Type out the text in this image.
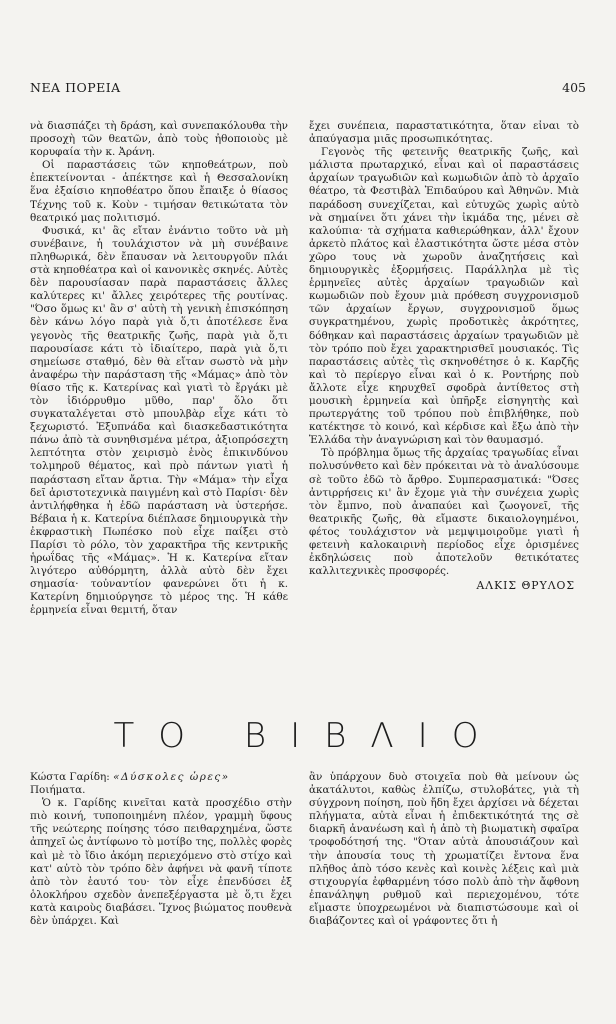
ΝΕΑ ΠΟΡΕΙΑ	405

νὰ διασπάζει τὴ δράση, καὶ συνεπακόλουθα τὴν προσοχὴ τῶν θεατῶν, ἀπὸ τοὺς ἠθοποιοὺς μὲ κορυφαία τὴν κ. Ἀράνη.

Οἱ παραστάσεις τῶν κηποθεάτρων, ποὺ ἐπεκτείνονται - ἀπέκτησε καὶ ἡ Θεσσαλονίκη ἕνα ἐξαίσιο κηποθέατρο ὅπου ἔπαιξε ὁ θίασος Τέχνης τοῦ κ. Κοὺν - τιμήσαν θετικώτατα τὸν θεατρικό μας πολιτισμό.

Φυσικά, κι' ἂς εἴταν ἐνάντιο τοῦτο νὰ μὴ συνέβαινε, ἡ τουλάχιστον νὰ μὴ συνέβαινε πληθωρικά, δὲν ἔπαυσαν νὰ λειτουργοῦν πλάι στὰ κηποθέατρα καὶ οἱ κανονικὲς σκηνές. Αὐτὲς δὲν παρουσίασαν παρὰ παραστάσεις ἄλλες καλύτερες κι' ἄλλες χειρότερες τῆς ρουτίνας. "Όσο ὅμως κι' ἂν σ' αὐτὴ τὴ γενικὴ ἐπισκόπηση δὲν κάνω λόγο παρὰ γιὰ ὅ,τι ἀποτέλεσε ἕνα γεγονὸς τῆς θεατρικῆς ζωῆς, παρὰ γιὰ ὅ,τι παρουσίασε κάτι τὸ ἰδιαίτερο, παρὰ γιὰ ὅ,τι σημείωσε σταθμό, δὲν θὰ εἴταν σωστὸ νὰ μὴν ἀναφέρω τὴν παράσταση τῆς «Μάμας» ἀπὸ τὸν θίασο τῆς κ. Κατερίνας καὶ γιατὶ τὸ ἔργάκι μὲ τὸν ἰδιόρρυθμο μῦθο, παρ' ὅλο ὅτι συγκαταλέγεται στὸ μπουλβὰρ εἶχε κάτι τὸ ξεχωριστό. Ἐξυπνάδα καὶ διασκεδαστικότητα πάνω ἀπὸ τὰ συνηθισμένα μέτρα, ἀξιοπρόσεχτη λεπτότητα στὸν χειρισμὸ ἑνὸς ἐπικινδύνου τολμηροῦ θέματος, καὶ πρὸ πάντων γιατὶ ἡ παράσταση εἴταν ἄρτια. Τὴν «Μάμα» τὴν εἶχα δεῖ ἀριστοτεχνικὰ παιγμένη καὶ στὸ Παρίσι· δὲν ἀντιλήφθηκα ἡ ἐδῶ παράσταση νὰ ὑστερήσε. Βέβαια ἡ κ. Κατερίνα διέπλασε δημιουργικὰ τὴν ἐκφραστικὴ Πωπέσκο ποὺ εἶχε παίξει στὸ Παρίσι τὸ ρόλο, τὸν χαρακτῆρα τῆς κεντρικῆς ἡρωΐδας τῆς «Μάμας». Ἡ κ. Κατερίνα εἴταν λιγότερο αὐθόρμητη, ἀλλὰ αὐτὸ δὲν ἔχει σημασία· τοὐναντίον φανερώνει ὅτι ἡ κ. Κατερίνη δημιούργησε τὸ μέρος της. Ἡ κάθε ἑρμηνεία εἶναι θεμιτή, ὅταν

ἔχει συνέπεια, παραστατικότητα, ὅταν εἶναι τὸ ἀπαύγασμα μιᾶς προσωπικότητας.

Γεγονὸς τῆς φετεινῆς θεατρικῆς ζωῆς, καὶ μάλιστα πρωταρχικό, εἶναι καὶ οἱ παραστάσεις ἀρχαίων τραγωδιῶν καὶ κωμωδιῶν ἀπὸ τὸ ἀρχαῖο θέατρο, τὰ Φεστιβὰλ Ἐπιδαύρου καὶ Ἀθηνῶν. Μιὰ παράδοση συνεχίζεται, καὶ εὐτυχῶς χωρὶς αὐτὸ νὰ σημαίνει ὅτι χάνει τὴν ἰκμάδα της, μένει σὲ καλούπια· τὰ σχήματα καθιερώθηκαν, ἀλλ' ἔχουν ἀρκετὸ πλάτος καὶ ἐλαστικότητα ὥστε μέσα στὸν χῶρο τους νὰ χωροῦν ἀναζητήσεις καὶ δημιουργικὲς ἐξορμήσεις. Παράλληλα μὲ τὶς ἑρμηνεῖες αὐτὲς ἀρχαίων τραγωδιῶν καὶ κωμωδιῶν ποὺ ἔχουν μιὰ πρόθεση συγχρονισμοῦ τῶν ἀρχαίων ἔργων, συγχρονισμοῦ ὅμως συγκρατημένου, χωρὶς προδοτικὲς ἀκρότητες, δόθηκαν καὶ παραστάσεις ἀρχαίων τραγωδιῶν μὲ τὸν τρόπο ποὺ ἔχει χαρακτηρισθεῖ μουσιακός. Τὶς παραστάσεις αὐτὲς τὶς σκηνοθέτησε ὁ κ. Καρζῆς καὶ τὸ περίεργο εἶναι καὶ ὁ κ. Ροντήρης ποὺ ἄλλοτε εἶχε κηρυχθεῖ σφοδρὰ ἀντίθετος στὴ μουσικὴ ἑρμηνεία καὶ ὑπῆρξε εἰσηγητὴς καὶ πρωτεργάτης τοῦ τρόπου ποὺ ἐπιβλήθηκε, ποὺ κατέκτησε τὸ κοινό, καὶ κέρδισε καὶ ἔξω ἀπὸ τὴν Ἑλλάδα τὴν ἀναγνώριση καὶ τὸν θαυμασμό.

Τὸ πρόβλημα ὅμως τῆς ἀρχαίας τραγωδίας εἶναι πολυσύνθετο καὶ δὲν πρόκειται νὰ τὸ ἀναλύσουμε σὲ τοῦτο ἐδῶ τὸ ἄρθρο. Συμπερασματικά: "Όσες ἀντιρρήσεις κι' ἂν ἔχομε γιὰ τὴν συνέχεια χωρὶς τὸν ἔμπνο, ποὺ ἀναπαύει καὶ ζωογονεῖ, τῆς θεατρικῆς ζωῆς, θὰ εἴμαστε δικαιολογημένοι, φέτος τουλάχιστον νὰ μεμψιμοιροῦμε γιατὶ ἡ φετεινὴ καλοκαιρινὴ περίοδος εἶχε ὁρισμένες ἐκδηλώσεις ποὺ ἀποτελοῦν θετικότατες καλλιτεχνικὲς προσφορές.

ΑΛΚΙΣ ΘΡΥΛΟΣ
ΤΟ ΒΙΒΛΙΟ

Κώστα Γαρίδη: «Δύσκολες ὧρες»
Ποιήματα.

Ὁ κ. Γαρίδης κινεῖται κατὰ προσχέδιο στὴν πιὸ κοινή, τυποποιημένη πλέον, γραμμὴ ὕφους τῆς νεώτερης ποίησης τόσο πειθαρχημένα, ὥστε ἀπηχεῖ ὡς ἀντίφωνο τὸ μοτίβο της, πολλὲς φορὲς καὶ μὲ τὸ ἴδιο ἀκόμη περιεχόμενο στὸ στίχο καὶ κατ' αὐτὸ τὸν τρόπο δὲν ἀφήνει νὰ φανῆ τίποτε ἀπὸ τὸν ἑαυτό του· τὸν εἶχε ἐπενδύσει ἐξ ὁλοκλήρου σχεδὸν ἀνεπεξέργαστα μὲ ὅ,τι ἔχει κατὰ καιροὺς διαβάσει. Ἴχνος βιώματος πουθενὰ δὲν ὑπάρχει. Καὶ

ἂν ὑπάρχουν δυὸ στοιχεῖα ποὺ θὰ μείνουν ὡς ἀκατάλυτοι, καθὼς ἐλπίζω, στυλοβάτες, γιὰ τὴ σύγχρονη ποίηση, ποὺ ἤδη ἔχει ἀρχίσει νὰ δέχεται πλήγματα, αὐτὰ εἶναι ἡ ἐπιδεκτικότητά της σὲ διαρκῆ ἀνανέωση καὶ ἡ ἀπὸ τὴ βιωματικὴ σφαῖρα τροφοδότησή της. "Όταν αὐτὰ ἀπουσιάζουν καὶ τὴν ἀπουσία τους τὴ χρωματίζει ἔντονα ἕνα πλῆθος ἀπὸ τόσο κενὲς καὶ κοινὲς λέξεις καὶ μιὰ στιχουργία ἐφθαρμένη τόσο πολὺ ἀπὸ τὴν ἄφθονη ἐπανάληψη ρυθμοῦ καὶ περιεχομένου, τότε εἴμαστε ὑποχρεωμένοι νὰ διαπιστώσουμε καὶ οἱ διαβάζοντες καὶ οἱ γράφοντες ὅτι ἡ
